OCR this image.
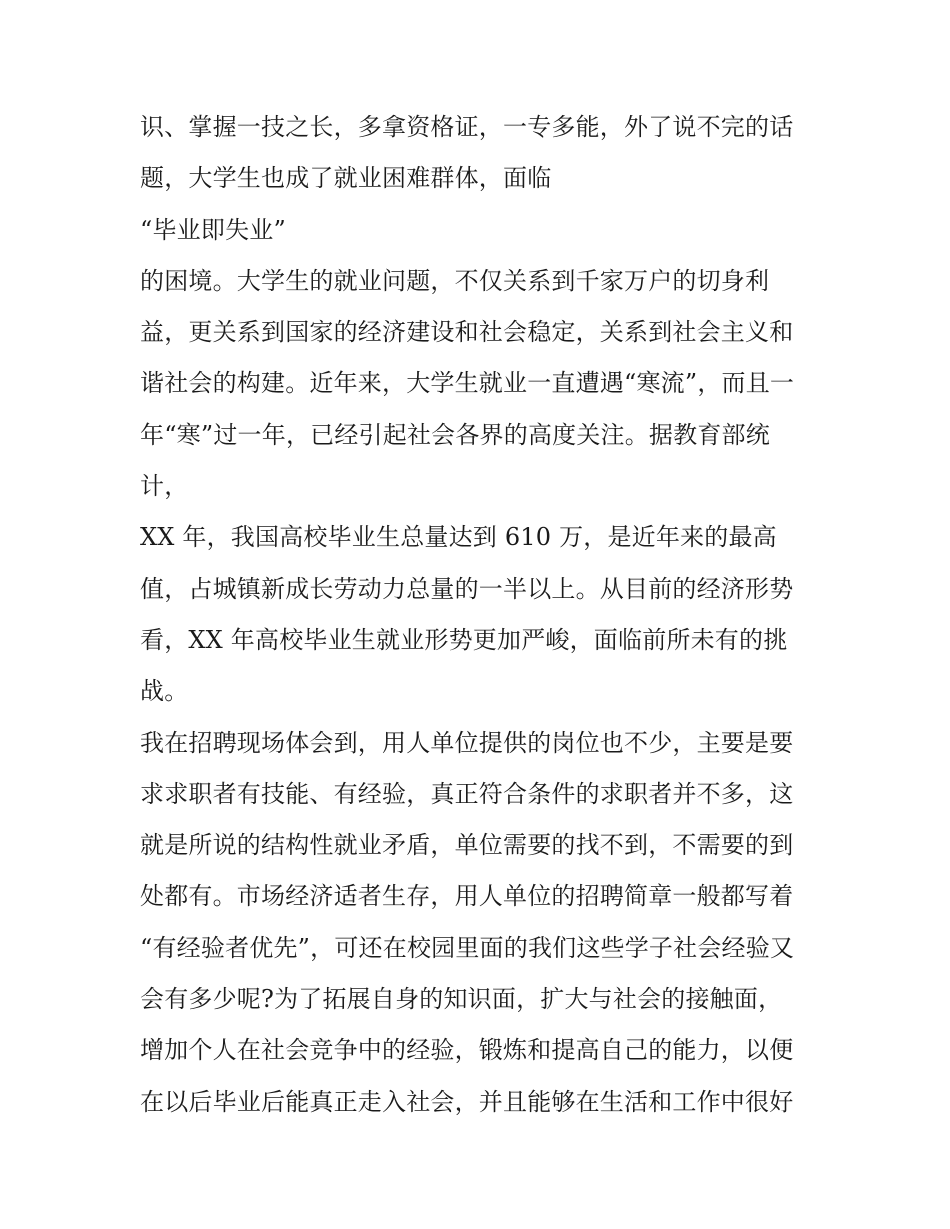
识、掌握一技之长，多拿资格证，一专多能，外了说不完的话
题，大学生也成了就业困难群体，面临
“毕业即失业”
的困境。大学生的就业问题，不仅关系到千家万户的切身利
益，更关系到国家的经济建设和社会稳定，关系到社会主义和
谐社会的构建。近年来，大学生就业一直遭遇“寒流”，而且一
年“寒”过一年，已经引起社会各界的高度关注。据教育部统
计，
XX 年，我国高校毕业生总量达到 610 万，是近年来的最高
值，占城镇新成长劳动力总量的一半以上。从目前的经济形势
看，XX 年高校毕业生就业形势更加严峻，面临前所未有的挑
战。
我在招聘现场体会到，用人单位提供的岗位也不少，主要是要
求求职者有技能、有经验，真正符合条件的求职者并不多，这
就是所说的结构性就业矛盾，单位需要的找不到，不需要的到
处都有。市场经济适者生存，用人单位的招聘简章一般都写着
“有经验者优先”，可还在校园里面的我们这些学子社会经验又
会有多少呢?为了拓展自身的知识面，扩大与社会的接触面，
增加个人在社会竞争中的经验，锻炼和提高自己的能力，以便
在以后毕业后能真正走入社会，并且能够在生活和工作中很好
